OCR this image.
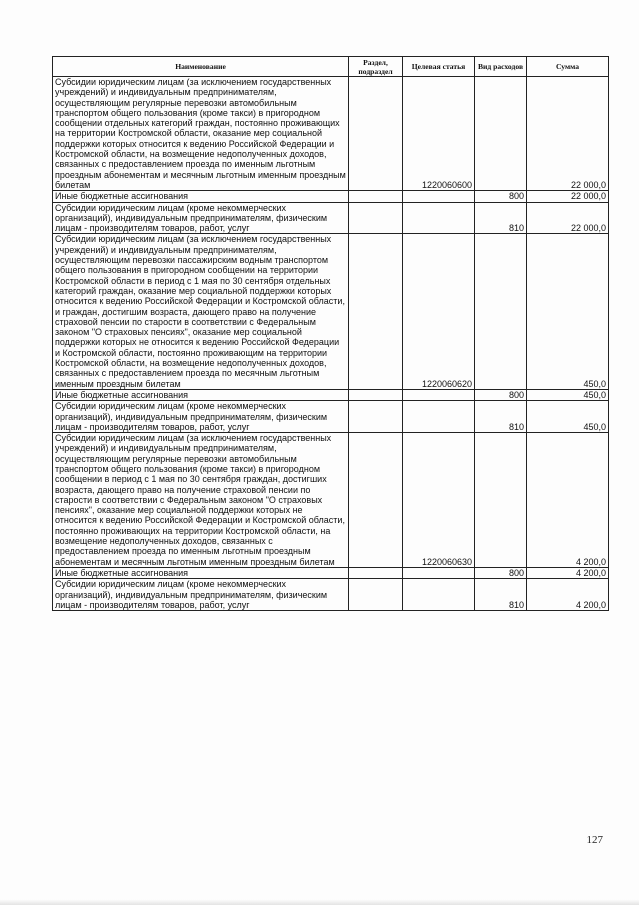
Наименование	Раздел, подраздел	Целевая статья	Вид расходов	Сумма
Субсидии юридическим лицам (за исключением государственных учреждений) и индивидуальным предпринимателям, осуществляющим регулярные перевозки автомобильным транспортом общего пользования (кроме такси) в пригородном сообщении отдельных категорий граждан, постоянно проживающих на территории Костромской области, оказание мер социальной поддержки которых относится к ведению Российской Федерации и Костромской области, на возмещение недополученных доходов, связанных с предоставлением проезда по именным льготным проездным абонементам и месячным льготным именным проездным билетам		1220060600		22 000,0
Иные бюджетные ассигнования			800	22 000,0
Субсидии юридическим лицам (кроме некоммерческих организаций), индивидуальным предпринимателям, физическим лицам - производителям товаров, работ, услуг			810	22 000,0
Субсидии юридическим лицам (за исключением государственных учреждений) и индивидуальным предпринимателям, осуществляющим перевозки пассажирским водным транспортом общего пользования в пригородном сообщении на территории Костромской области в период с 1 мая по 30 сентября отдельных категорий граждан, оказание мер социальной поддержки которых относится к ведению Российской Федерации и Костромской области, и граждан, достигшим возраста, дающего право на получение страховой пенсии по старости в соответствии с Федеральным законом "О страховых пенсиях", оказание мер социальной поддержки которых не относится к ведению Российской Федерации и Костромской области, постоянно проживающим на территории Костромской области, на возмещение недополученных доходов, связанных с предоставлением проезда по месячным льготным именным проездным билетам		1220060620		450,0
Иные бюджетные ассигнования			800	450,0
Субсидии юридическим лицам (кроме некоммерческих организаций), индивидуальным предпринимателям, физическим лицам - производителям товаров, работ, услуг			810	450,0
Субсидии юридическим лицам (за исключением государственных учреждений) и индивидуальным предпринимателям, осуществляющим регулярные перевозки автомобильным транспортом общего пользования (кроме такси) в пригородном сообщении в период с 1 мая по 30 сентября граждан, достигших возраста, дающего право на получение страховой пенсии по старости в соответствии с Федеральным законом "О страховых пенсиях", оказание мер социальной поддержки которых не относится к ведению Российской Федерации и Костромской области, постоянно проживающих на территории Костромской области, на возмещение недополученных доходов, связанных с предоставлением проезда по именным льготным проездным абонементам и месячным льготным именным проездным билетам		1220060630		4 200,0
Иные бюджетные ассигнования			800	4 200,0
Субсидии юридическим лицам (кроме некоммерческих организаций), индивидуальным предпринимателям, физическим лицам - производителям товаров, работ, услуг			810	4 200,0
127
